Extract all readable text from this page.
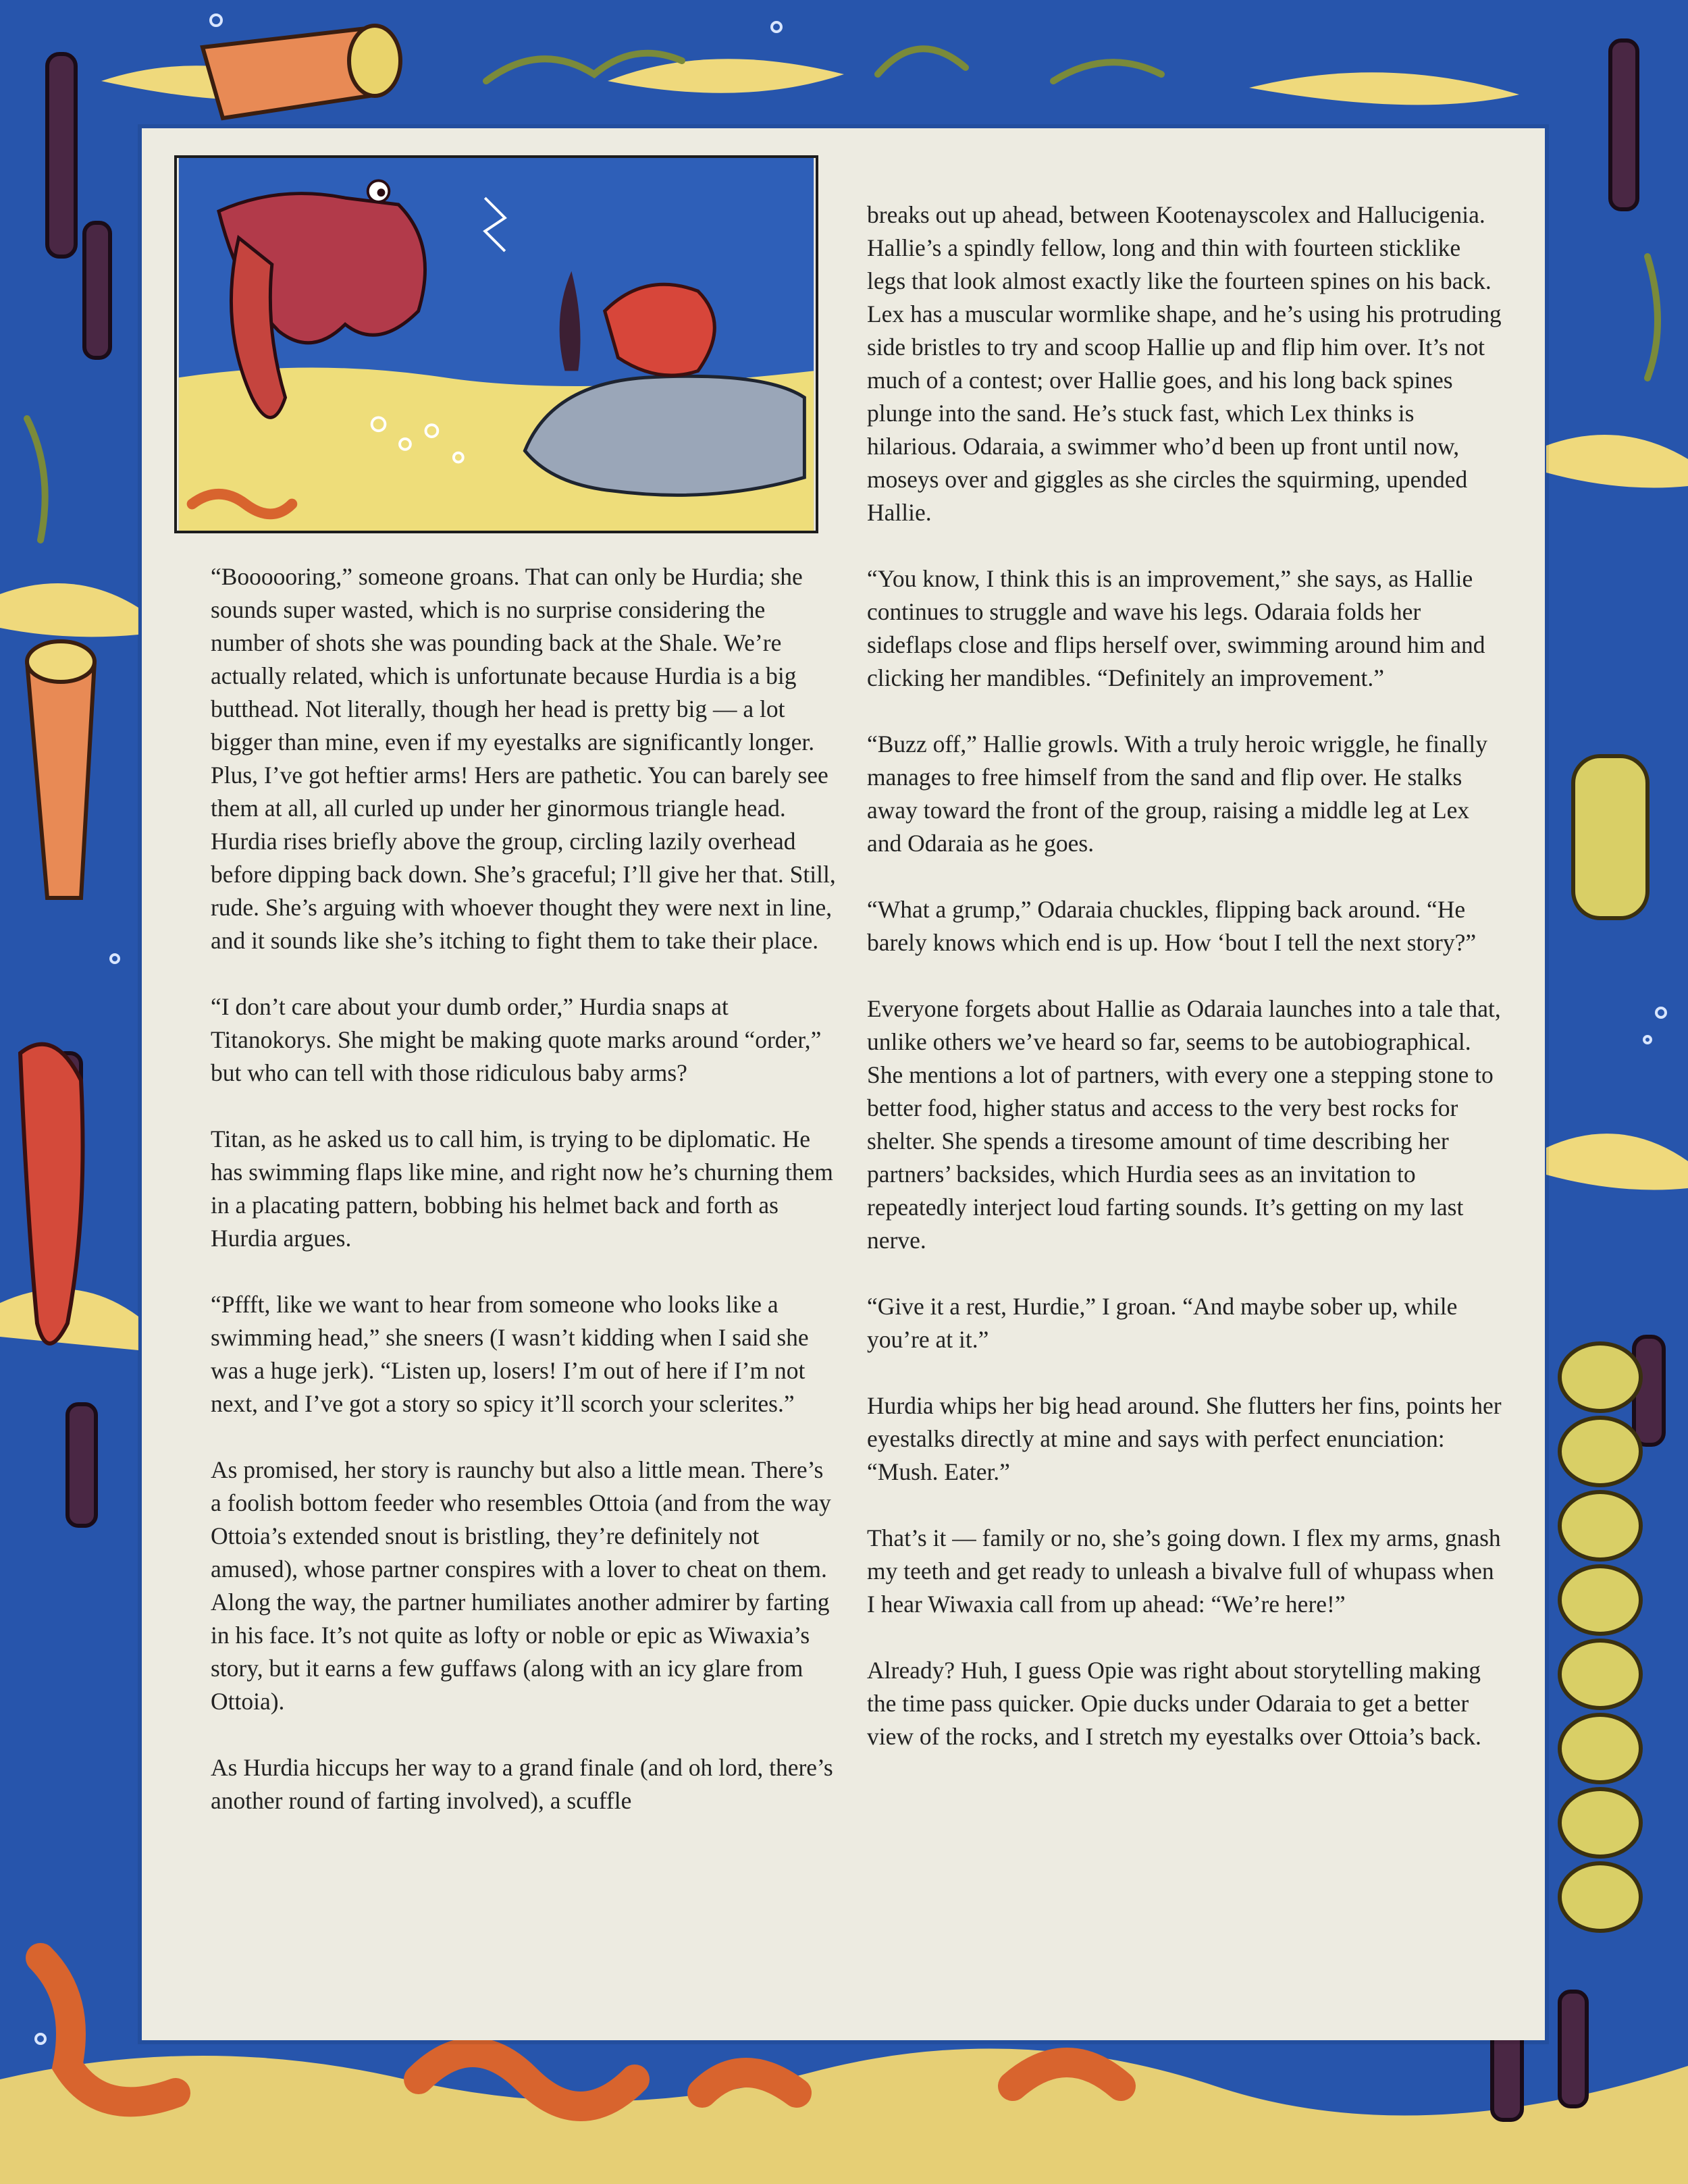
“Boooooring,” someone groans. That can only be Hurdia; she sounds super wasted, which is no surprise considering the number of shots she was pounding back at the Shale. We’re actually related, which is unfortunate because Hurdia is a big butthead. Not literally, though her head is pretty big — a lot bigger than mine, even if my eyestalks are significantly longer. Plus, I’ve got heftier arms! Hers are pathetic. You can barely see them at all, all curled up under her ginormous triangle head. Hurdia rises briefly above the group, circling lazily overhead before dipping back down. She’s graceful; I’ll give her that. Still, rude. She’s arguing with whoever thought they were next in line, and it sounds like she’s itching to fight them to take their place.

“I don’t care about your dumb order,” Hurdia snaps at Titanokorys. She might be making quote marks around “order,” but who can tell with those ridiculous baby arms?

Titan, as he asked us to call him, is trying to be diplomatic. He has swimming flaps like mine, and right now he’s churning them in a placating pattern, bobbing his helmet back and forth as Hurdia argues.

“Pffft, like we want to hear from someone who looks like a swimming head,” she sneers (I wasn’t kidding when I said she was a huge jerk). “Listen up, losers! I’m out of here if I’m not next, and I’ve got a story so spicy it’ll scorch your sclerites.”

As promised, her story is raunchy but also a little mean. There’s a foolish bottom feeder who resembles Ottoia (and from the way Ottoia’s extended snout is bristling, they’re definitely not amused), whose partner conspires with a lover to cheat on them. Along the way, the partner humiliates another admirer by farting in his face. It’s not quite as lofty or noble or epic as Wiwaxia’s story, but it earns a few guffaws (along with an icy glare from Ottoia).

As Hurdia hiccups her way to a grand finale (and oh lord, there’s another round of farting involved), a scuffle

breaks out up ahead, between Kootenayscolex and Hallucigenia. Hallie’s a spindly fellow, long and thin with fourteen sticklike legs that look almost exactly like the fourteen spines on his back. Lex has a muscular wormlike shape, and he’s using his protruding side bristles to try and scoop Hallie up and flip him over. It’s not much of a contest; over Hallie goes, and his long back spines plunge into the sand. He’s stuck fast, which Lex thinks is hilarious. Odaraia, a swimmer who’d been up front until now, moseys over and giggles as she circles the squirming, upended Hallie.

“You know, I think this is an improvement,” she says, as Hallie continues to struggle and wave his legs. Odaraia folds her sideflaps close and flips herself over, swimming around him and clicking her mandibles. “Definitely an improvement.”

“Buzz off,” Hallie growls. With a truly heroic wriggle, he finally manages to free himself from the sand and flip over. He stalks away toward the front of the group, raising a middle leg at Lex and Odaraia as he goes.

“What a grump,” Odaraia chuckles, flipping back around. “He barely knows which end is up. How ‘bout I tell the next story?”

Everyone forgets about Hallie as Odaraia launches into a tale that, unlike others we’ve heard so far, seems to be autobiographical. She mentions a lot of partners, with every one a stepping stone to better food, higher status and access to the very best rocks for shelter. She spends a tiresome amount of time describing her partners’ backsides, which Hurdia sees as an invitation to repeatedly interject loud farting sounds. It’s getting on my last nerve.

“Give it a rest, Hurdie,” I groan. “And maybe sober up, while you’re at it.”

Hurdia whips her big head around. She flutters her fins, points her eyestalks directly at mine and says with perfect enunciation: “Mush. Eater.”

That’s it — family or no, she’s going down. I flex my arms, gnash my teeth and get ready to unleash a bivalve full of whupass when I hear Wiwaxia call from up ahead: “We’re here!”

Already? Huh, I guess Opie was right about storytelling making the time pass quicker. Opie ducks under Odaraia to get a better view of the rocks, and I stretch my eyestalks over Ottoia’s back.
